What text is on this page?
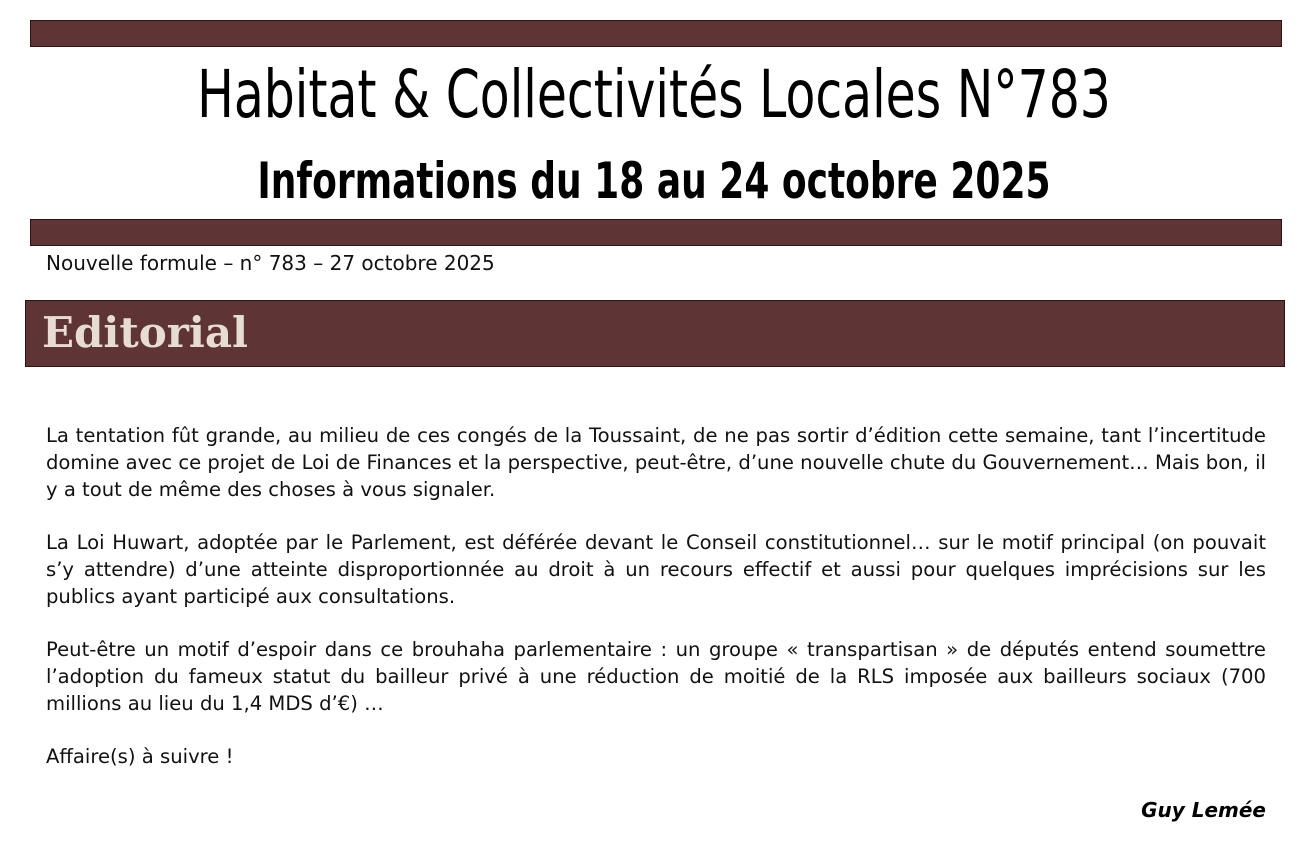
Habitat & Collectivités Locales N°783
Informations du 18 au 24 octobre 2025
Nouvelle formule – n° 783 – 27 octobre 2025
Editorial

La tentation fût grande, au milieu de ces congés de la Toussaint, de ne pas sortir d’édition cette semaine, tant l’incertitude domine avec ce projet de Loi de Finances et la perspective, peut-être, d’une nouvelle chute du Gouvernement… Mais bon, il y a tout de même des choses à vous signaler.

La Loi Huwart, adoptée par le Parlement, est déférée devant le Conseil constitutionnel… sur le motif principal (on pouvait s’y attendre) d’une atteinte disproportionnée au droit à un recours effectif et aussi pour quelques imprécisions sur les publics ayant participé aux consultations.

Peut-être un motif d’espoir dans ce brouhaha parlementaire : un groupe « transpartisan » de députés entend soumettre l’adoption du fameux statut du bailleur privé à une réduction de moitié de la RLS imposée aux bailleurs sociaux (700 millions au lieu du 1,4 MDS d’€) …

Affaire(s) à suivre !

Guy Lemée
